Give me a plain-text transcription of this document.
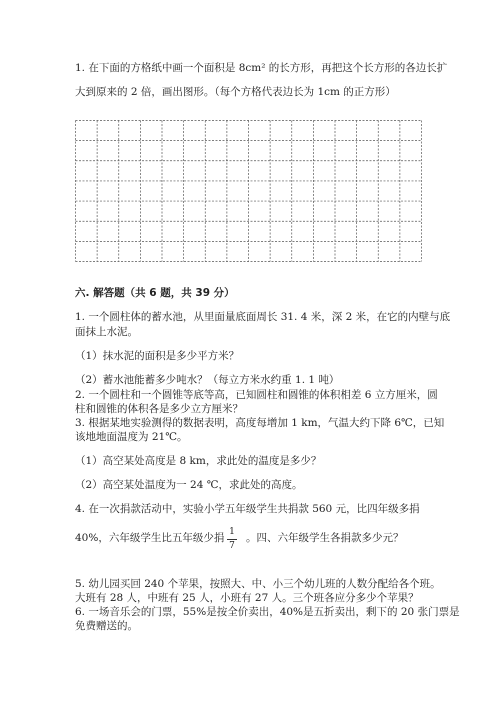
1. 在下面的方格纸中画一个面积是 8cm² 的长方形，再把这个长方形的各边长扩
大到原来的 2 倍，画出图形。（每个方格代表边长为 1cm 的正方形）
六. 解答题（共 6 题，共 39 分）
1. 一个圆柱体的蓄水池，从里面量底面周长 31. 4 米，深 2 米，在它的内壁与底
面抹上水泥。
（1）抹水泥的面积是多少平方米？
（2）蓄水池能蓄多少吨水？（每立方米水约重 1. 1 吨）
2. 一个圆柱和一个圆锥等底等高，已知圆柱和圆锥的体积相差 6 立方厘米，圆
柱和圆锥的体积各是多少立方厘米？
3. 根据某地实验测得的数据表明，高度每增加 1 km，气温大约下降 6℃，已知
该地地面温度为 21℃。
（1）高空某处高度是 8 km，求此处的温度是多少？
（2）高空某处温度为一 24 ℃，求此处的高度。
4. 在一次捐款活动中，实验小学五年级学生共捐款 560 元，比四年级多捐
40%，六年级学生比五年级少捐 1
7
。四、六年级学生各捐款多少元？
5. 幼儿园买回 240 个苹果，按照大、中、小三个幼儿班的人数分配给各个班。
大班有 28 人，中班有 25 人，小班有 27 人。三个班各应分多少个苹果？
6. 一场音乐会的门票，55%是按全价卖出，40%是五折卖出，剩下的 20 张门票是
免费赠送的。
